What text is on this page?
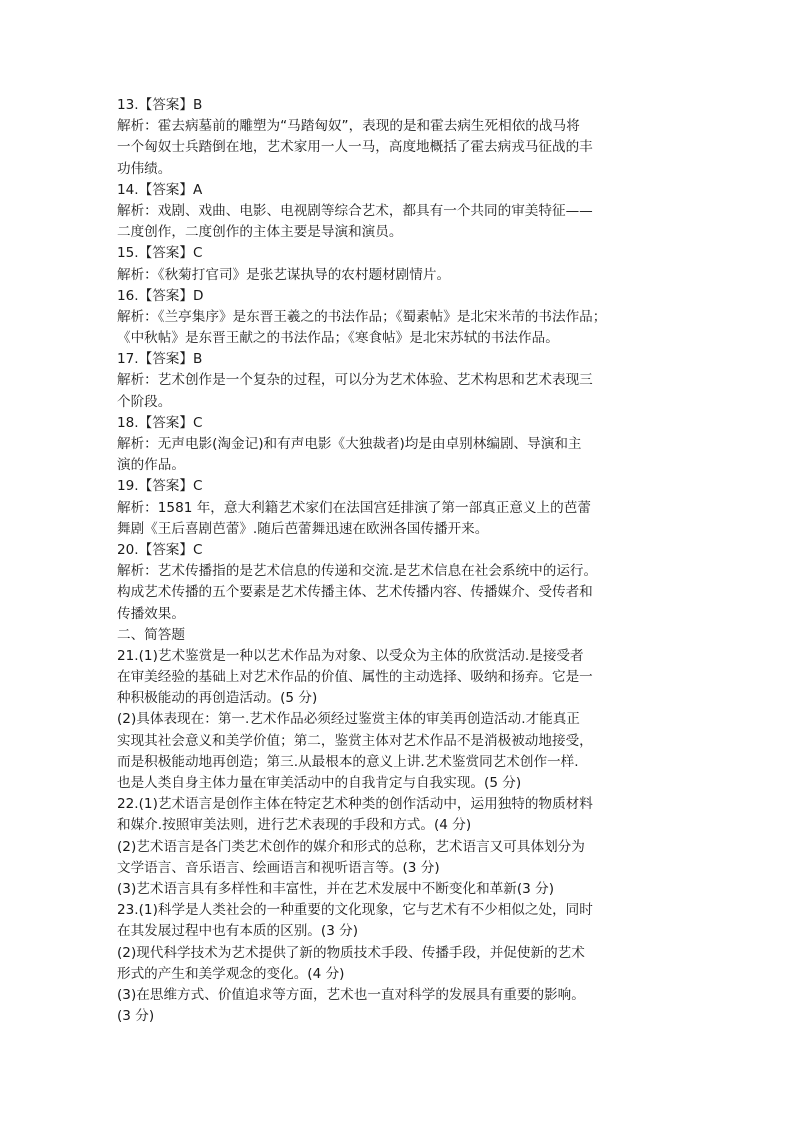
13.【答案】B
解析：霍去病墓前的雕塑为“马踏匈奴”，表现的是和霍去病生死相依的战马将
一个匈奴士兵踏倒在地，艺术家用一人一马，高度地概括了霍去病戎马征战的丰
功伟绩。
14.【答案】A
解析：戏剧、戏曲、电影、电视剧等综合艺术，都具有一个共同的审美特征——
二度创作，二度创作的主体主要是导演和演员。
15.【答案】C
解析：《秋菊打官司》是张艺谋执导的农村题材剧情片。
16.【答案】D
解析：《兰亭集序》是东晋王羲之的书法作品；《蜀素帖》是北宋米芾的书法作品；
《中秋帖》是东晋王献之的书法作品；《寒食帖》是北宋苏轼的书法作品。
17.【答案】B
解析：艺术创作是一个复杂的过程，可以分为艺术体验、艺术构思和艺术表现三
个阶段。
18.【答案】C
解析：无声电影(淘金记)和有声电影《大独裁者)均是由卓别林编剧、导演和主
演的作品。
19.【答案】C
解析：1581 年，意大利籍艺术家们在法国宫廷排演了第一部真正意义上的芭蕾
舞剧《王后喜剧芭蕾》.随后芭蕾舞迅速在欧洲各国传播开来。
20.【答案】C
解析：艺术传播指的是艺术信息的传递和交流.是艺术信息在社会系统中的运行。
构成艺术传播的五个要素是艺术传播主体、艺术传播内容、传播媒介、受传者和
传播效果。
二、简答题
21.(1)艺术鉴赏是一种以艺术作品为对象、以受众为主体的欣赏活动.是接受者
在审美经验的基础上对艺术作品的价值、属性的主动选择、吸纳和扬弃。它是一
种积极能动的再创造活动。(5 分)
(2)具体表现在：第一.艺术作品必须经过鉴赏主体的审美再创造活动.才能真正
实现其社会意义和美学价值；第二，鉴赏主体对艺术作品不是消极被动地接受，
而是积极能动地再创造；第三.从最根本的意义上讲.艺术鉴赏同艺术创作一样.
也是人类自身主体力量在审美活动中的自我肯定与自我实现。(5 分)
22.(1)艺术语言是创作主体在特定艺术种类的创作活动中，运用独特的物质材料
和媒介.按照审美法则，进行艺术表现的手段和方式。(4 分)
(2)艺术语言是各门类艺术创作的媒介和形式的总称，艺术语言又可具体划分为
文学语言、音乐语言、绘画语言和视听语言等。(3 分)
(3)艺术语言具有多样性和丰富性，并在艺术发展中不断变化和革新(3 分)
23.(1)科学是人类社会的一种重要的文化现象，它与艺术有不少相似之处，同时
在其发展过程中也有本质的区别。(3 分)
(2)现代科学技术为艺术提供了新的物质技术手段、传播手段，并促使新的艺术
形式的产生和美学观念的变化。(4 分)
(3)在思维方式、价值追求等方面，艺术也一直对科学的发展具有重要的影响。
(3 分)
